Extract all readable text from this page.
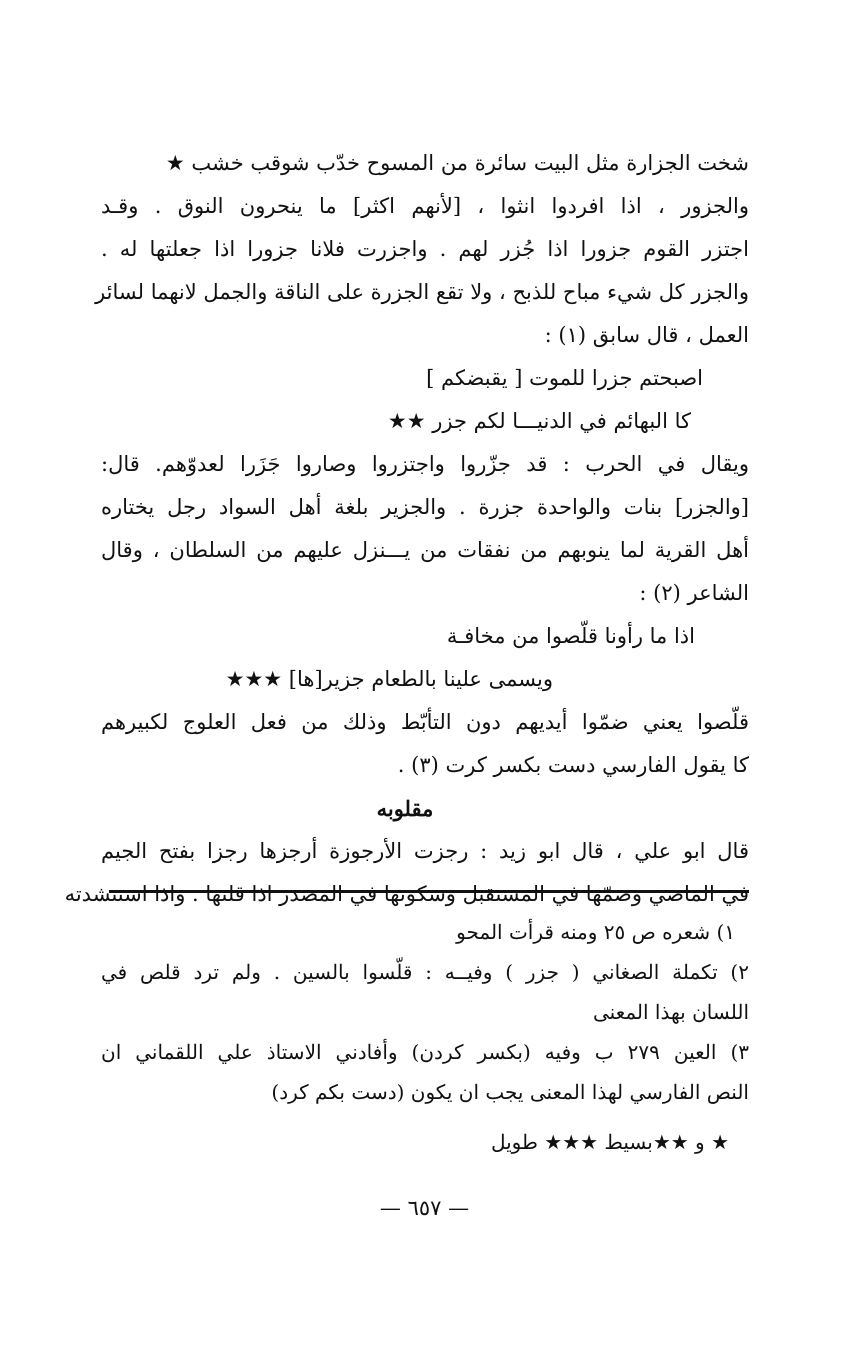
شخت الجزارة مثل البيت سائرة من المسوح خدّب شوقب خشب ★
والجزور ، اذا افردوا انثوا ، [لأنهم اكثر] ما ينحرون النوق . وقـد
اجتزر القوم جزورا اذا جُزر لهم . واجزرت فلانا جزورا اذا جعلتها له .
والجزر كل شيء مباح للذبح ، ولا تقع الجزرة على الناقة والجمل لانهما لسائر
العمل ، قال سابق (١) :
اصبحتم جزرا للموت [ يقبضكم ]
كا البهائم في الدنيـــا لكم جزر ★★
ويقال في الحرب : قد جزّروا واجتزروا وصاروا جَزَرا لعدوّهم. قال:
[والجزر] بنات والواحدة جزرة . والجزير بلغة أهل السواد رجل يختاره
أهل القرية لما ينوبهم من نفقات من يـــنزل عليهم من السلطان ، وقال
الشاعر (٢) :
اذا ما رأونا قلّصوا من مخافـة
ويسمى علينا بالطعام جزير[ها] ★★★
قلّصوا يعني ضمّوا أيديهم دون التأبّط وذلك من فعل العلوج لكبيرهم
كا يقول الفارسي دست بكسر كرت (٣) .
مقلوبه
قال ابو علي ، قال ابو زيد : رجزت الأرجوزة أرجزها رجزا بفتح الجيم
في الماضي وضمّها في المستقبل وسكونها في المصدر اذا قلتها . واذا استنشدته
١) شعره ص ٢٥ ومنه قرأت المحو
٢) تكملة الصغاني ( جزر ) وفيــه : قلّسوا بالسين . ولم ترد قلص في
اللسان بهذا المعنى
٣) العين ٢٧٩ ب وفيه (بكسر كردن) وأفادني الاستاذ علي اللقماني ان
النص الفارسي لهذا المعنى يجب ان يكون (دست بكم كرد)
★ و ★★بسيط ★★★ طويل
— ٦٥٧ —
